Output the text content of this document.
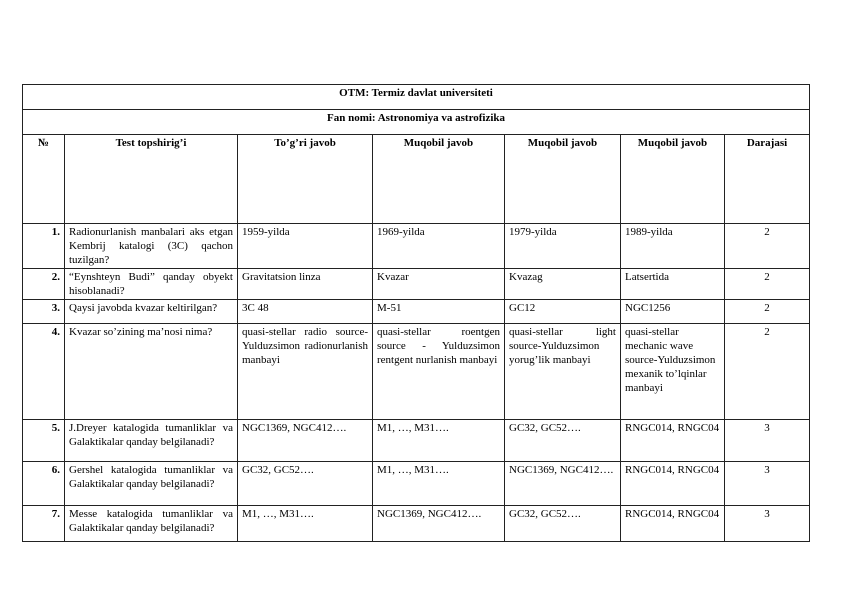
OTM: Termiz davlat universiteti						
Fan nomi: Astronomiya va astrofizika						
№	Test topshirig’i	To’g’ri javob	Muqobil javob	Muqobil javob	Muqobil javob	Darajasi
1.	Radionurlanish manbalari aks etgan Kembrij katalogi (3C) qachon tuzilgan?	1959-yilda	1969-yilda	1979-yilda	1989-yilda	2
2.	“Eynshteyn Budi” qanday obyekt hisoblanadi?	Gravitatsion linza	Kvazar	Kvazag	Latsertida	2
3.	Qaysi javobda kvazar keltirilgan?	3C 48	M-51	GC12	NGC1256	2
4.	Kvazar so’zining ma’nosi nima?	quasi-stellar radio source-Yulduzsimon radionurlanish manbayi	quasi-stellar roentgen source - Yulduzsimon rentgent nurlanish manbayi	quasi-stellar light source-Yulduzsimon yorug’lik manbayi	quasi-stellar mechanic wave source-Yulduzsimon mexanik to’lqinlar manbayi	2
5.	J.Dreyer katalogida tumanliklar va Galaktikalar qanday belgilanadi?	NGC1369, NGC412….	M1, …, M31….	GC32, GC52….	RNGC014, RNGC04	3
6.	Gershel katalogida tumanliklar va Galaktikalar qanday belgilanadi?	GC32, GC52….	M1, …, M31….	NGC1369, NGC412….	RNGC014, RNGC04	3
7.	Messe katalogida tumanliklar va Galaktikalar qanday belgilanadi?	M1, …, M31….	NGC1369, NGC412….	GC32, GC52….	RNGC014, RNGC04	3
